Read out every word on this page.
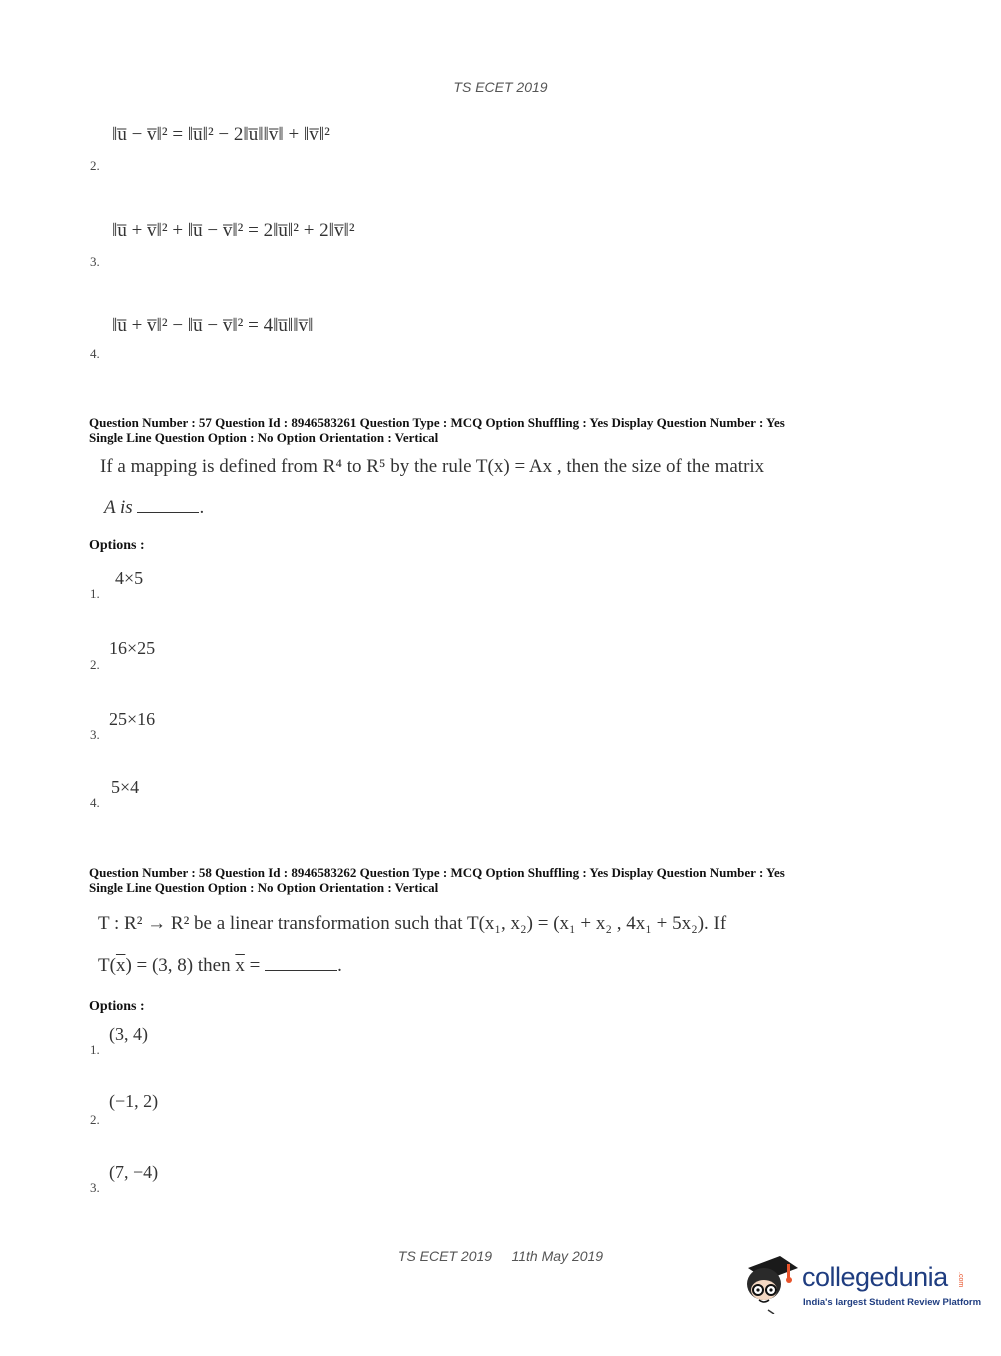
TS ECET 2019
‖u̅ − v̅‖² = ‖u̅‖² − 2‖u̅‖‖v̅‖ + ‖v̅‖²
2.
‖u̅ + v̅‖² + ‖u̅ − v̅‖² = 2‖u̅‖² + 2‖v̅‖²
3.
‖u̅ + v̅‖² − ‖u̅ − v̅‖² = 4‖u̅‖‖v̅‖
4.
Question Number : 57 Question Id : 8946583261 Question Type : MCQ Option Shuffling : Yes Display Question Number : Yes
Single Line Question Option : No Option Orientation : Vertical
If a mapping is defined from R⁴ to R⁵ by the rule T(x) = Ax , then the size of the matrix
A is	.
Options :
4×5
1.
16×25
2.
25×16
3.
5×4
4.
Question Number : 58 Question Id : 8946583262 Question Type : MCQ Option Shuffling : Yes Display Question Number : Yes
Single Line Question Option : No Option Orientation : Vertical
T : R² → R² be a linear transformation such that T(x₁, x₂) = (x₁ + x₂ , 4x₁ + 5x₂). If
$T(\overline{x}) = (3$, 8) then $\overline{x}$ =	.
Options :
(3, 4)
1.
(−1, 2)
2.
(7, −4)
3.
TS ECET 2019     11th May 2019
collegedunia .com
India's largest Student Review Platform
